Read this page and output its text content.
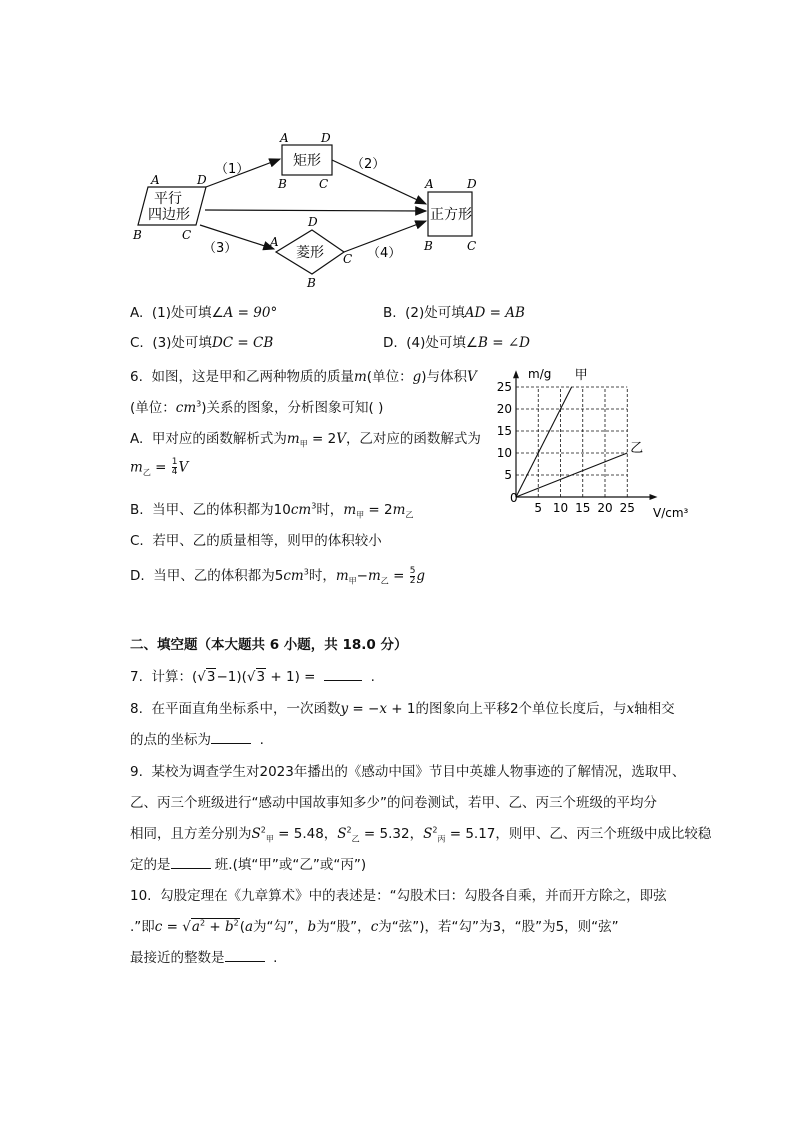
平行
四边形
A	D
B	C
矩形
A	D
B	C
菱形
D
A
C
B
正方形
A	D
B	C
（1）	（2）
（3）	（4）
A. (1)处可填∠A = 90°	B. (2)处可填AD = AB
C. (3)处可填DC = CB	D. (4)处可填∠B = ∠D
6. 如图，这是甲和乙两种物质的质量m(单位：g)与体积V
(单位：$cm^3$)关系的图象，分析图象可知( )
A. 甲对应的函数解析式为$m_甲 = 2V$，乙对应的函数解式为
$m_乙 = \frac{1}{4}$ V
B. 当甲、乙的体积都为$10cm^3$时，$m_甲 = 2m_乙$
C. 若甲、乙的质量相等，则甲的体积较小
D. 当甲、乙的体积都为$5cm^3$时，$m_甲-m_乙 = \frac{5}{2}$ g
5 10 15 20 25
5
10
15
20
25
甲
乙
m/g
V/cm³
0
二、填空题（本大题共 6 小题，共 18.0 分）
7. 计算：(√3−1)(√3 + 1) =	.
8. 在平面直角坐标系中，一次函数y = −x + 1的图象向上平移2个单位长度后，与x轴相交
的点的坐标为	.
9. 某校为调查学生对2023年播出的《感动中国》节目中英雄人物事迹的了解情况，选取甲、
乙、丙三个班级进行“感动中国故事知多少”的问卷测试，若甲、乙、丙三个班级的平均分
相同，且方差分别为$S^2_甲 = 5.48$，$S^2_乙 = 5.32$，$S^2_丙 = 5.17$，则甲、乙、丙三个班级中成比较稳
定的是	班.(填“甲”或“乙”或“丙”)
10. 勾股定理在《九章算术》中的表述是：“勾股术曰：勾股各自乘，并而开方除之，即弦
.”即$c = √a^2 + b^2(a$为“勾”，b为“股”，c为“弦”)，若“勾”为3，“股”为5，则“弦”
最接近的整数是	.
